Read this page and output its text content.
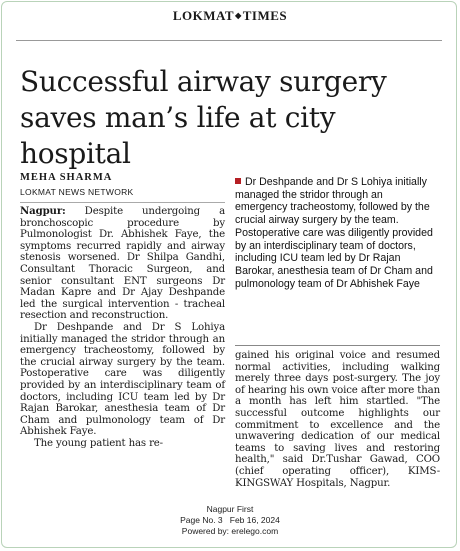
LOKMAT◆TIMES
Successful airway surgery saves man’s life at city hospital
MEHA SHARMA
LOKMAT NEWS NETWORK
Dr Deshpande and Dr S Lohiya initially managed the stridor through an emergency tracheostomy, followed by the crucial airway surgery by the team. Postoperative care was diligently provided by an interdisciplinary team of doctors, including ICU team led by Dr Rajan Barokar, anesthesia team of Dr Cham and pulmonology team of Dr Abhishek Faye

Nagpur: Despite undergoing a bronchoscopic procedure by Pulmonologist Dr. Abhishek Faye, the symptoms recurred rapidly and airway stenosis worsened. Dr Shilpa Gandhi, Consultant Thoracic Surgeon, and senior consultant ENT surgeons Dr Madan Kapre and Dr Ajay Deshpande led the surgical intervention - tracheal resection and reconstruction.

Dr Deshpande and Dr S Lohiya initially managed the stridor through an emergency tracheostomy, followed by the crucial airway surgery by the team. Postoperative care was diligently provided by an interdisciplinary team of doctors, including ICU team led by Dr Rajan Barokar, anesthesia team of Dr Cham and pulmonology team of Dr Abhishek Faye.

The young patient has re-

gained his original voice and resumed normal activities, including walking merely three days post-surgery. The joy of hearing his own voice after more than a month has left him startled. "The successful outcome highlights our commitment to excellence and the unwavering dedication of our medical teams to saving lives and restoring health," said Dr.Tushar Gawad, COO (chief operating officer), KIMS-KINGSWAY Hospitals, Nagpur.

Nagpur First
Page No. 3 Feb 16, 2024
Powered by: erelego.com
